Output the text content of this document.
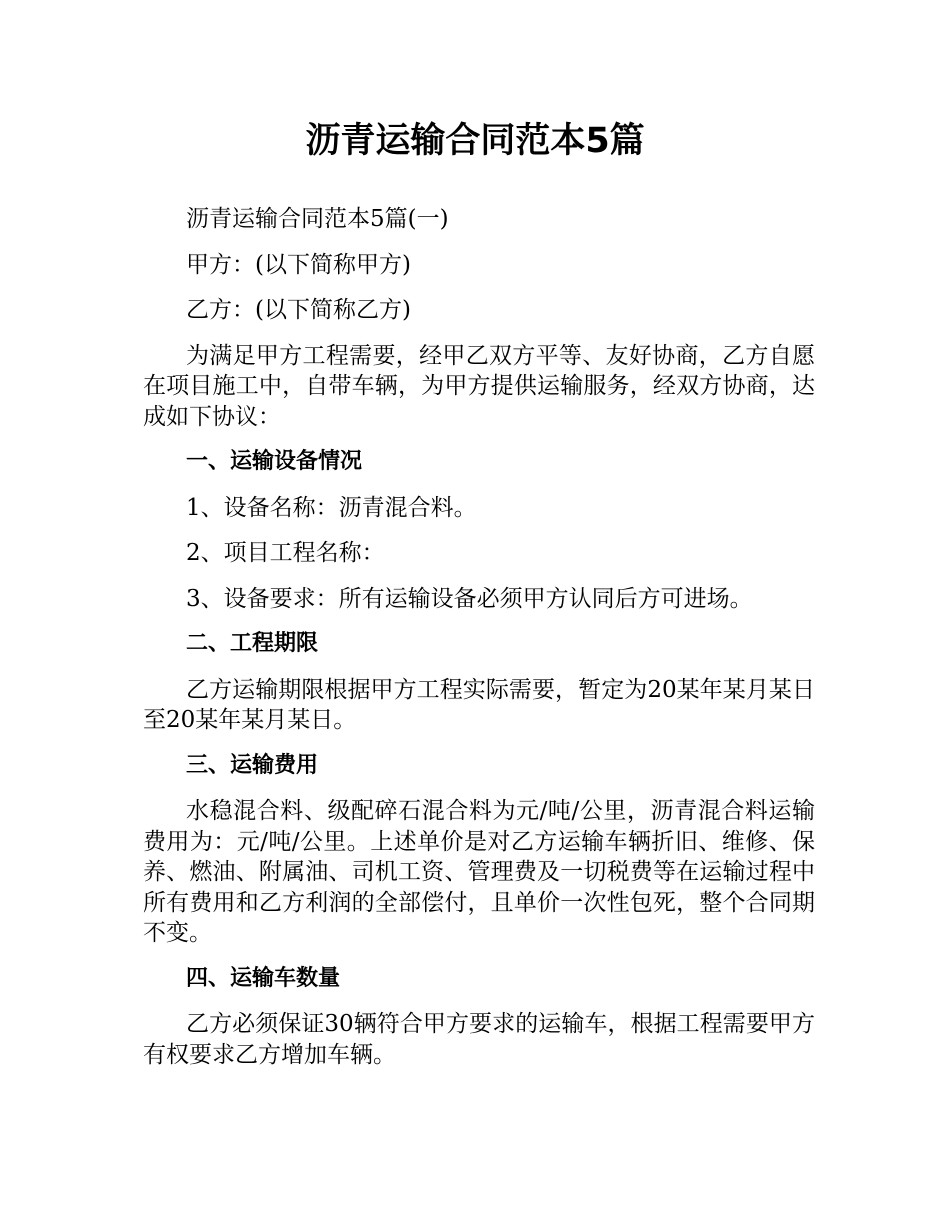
沥青运输合同范本5篇

沥青运输合同范本5篇(一)

甲方：(以下简称甲方)

乙方：(以下简称乙方)

为满足甲方工程需要，经甲乙双方平等、友好协商，乙方自愿在项目施工中，自带车辆，为甲方提供运输服务，经双方协商，达成如下协议：

一、运输设备情况

1、设备名称：沥青混合料。

2、项目工程名称：

3、设备要求：所有运输设备必须甲方认同后方可进场。

二、工程期限

乙方运输期限根据甲方工程实际需要，暂定为20某年某月某日至20某年某月某日。

三、运输费用

水稳混合料、级配碎石混合料为元/吨/公里，沥青混合料运输费用为：元/吨/公里。上述单价是对乙方运输车辆折旧、维修、保养、燃油、附属油、司机工资、管理费及一切税费等在运输过程中所有费用和乙方利润的全部偿付，且单价一次性包死，整个合同期不变。

四、运输车数量

乙方必须保证30辆符合甲方要求的运输车，根据工程需要甲方有权要求乙方增加车辆。
